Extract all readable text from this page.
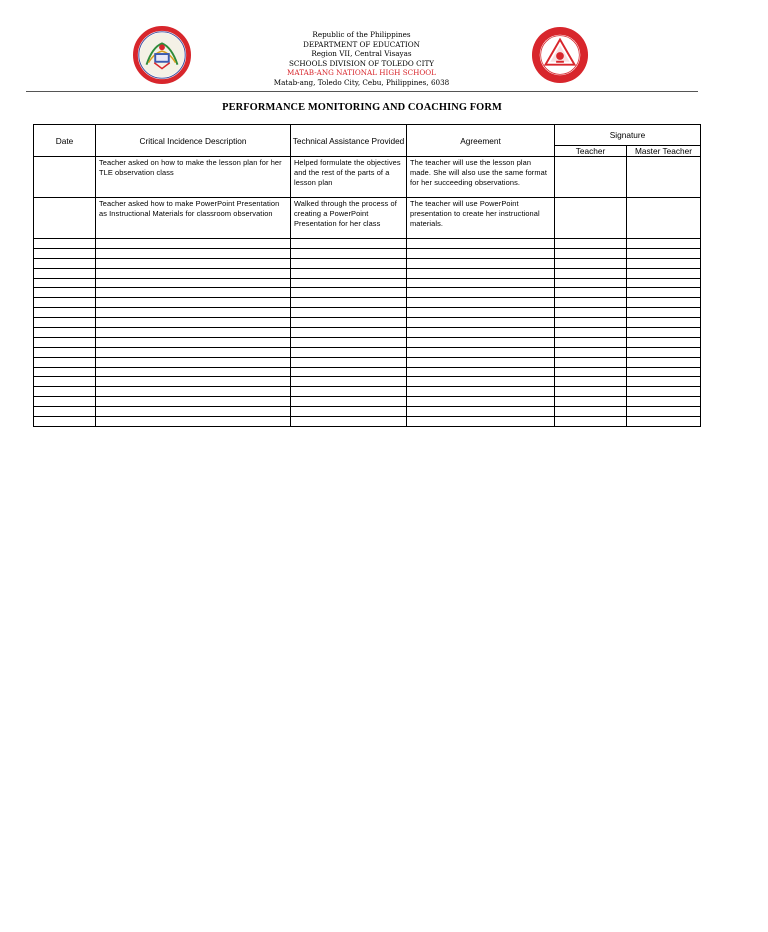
Republic of the Philippines
DEPARTMENT OF EDUCATION
Region VII, Central Visayas
SCHOOLS DIVISION OF TOLEDO CITY
MATAB-ANG NATIONAL HIGH SCHOOL
Matab-ang, Toledo City, Cebu, Philippines, 6038
PERFORMANCE MONITORING AND COACHING FORM
Date	Critical Incidence Description	Technical Assistance Provided	Agreement	Signature	
				Teacher	Master Teacher
	Teacher asked on how to make the lesson plan for her TLE observation class	Helped formulate the objectives and the rest of the parts of a lesson plan	The teacher will use the lesson plan made. She will also use the same format for her succeeding observations.		
	Teacher asked how to make PowerPoint Presentation as Instructional Materials for classroom observation	Walked through the process of creating a PowerPoint Presentation for her class	The teacher will use PowerPoint presentation to create her instructional materials.		
